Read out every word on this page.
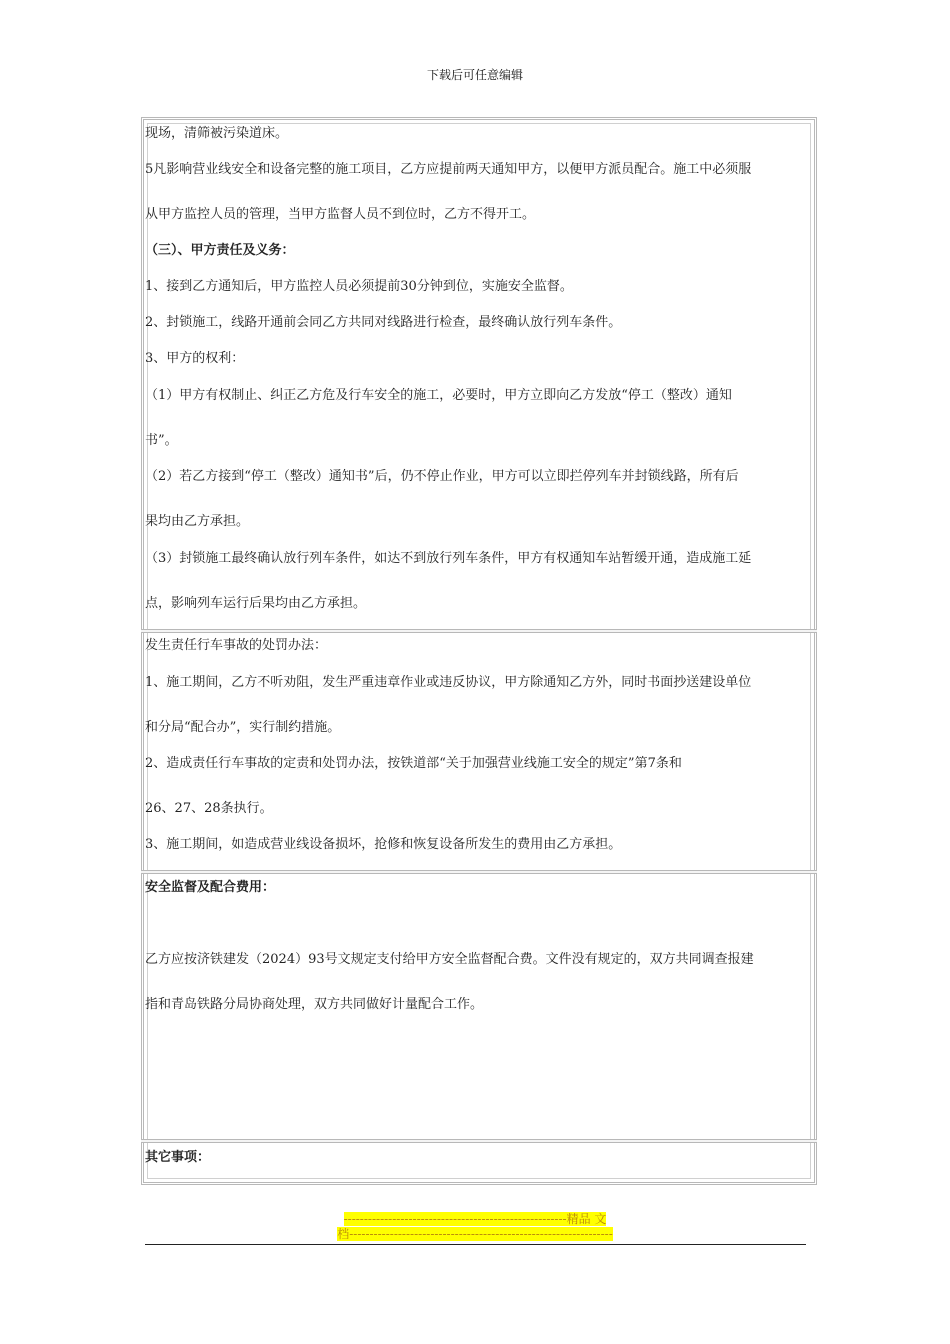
下载后可任意编辑
现场，清筛被污染道床。
5凡影响营业线安全和设备完整的施工项目，乙方应提前两天通知甲方，以便甲方派员配合。施工中必须服
从甲方监控人员的管理，当甲方监督人员不到位时，乙方不得开工。
（三）、甲方责任及义务：
1、接到乙方通知后，甲方监控人员必须提前30分钟到位，实施安全监督。
2、封锁施工，线路开通前会同乙方共同对线路进行检查，最终确认放行列车条件。
3、甲方的权利：
（1）甲方有权制止、纠正乙方危及行车安全的施工，必要时，甲方立即向乙方发放“停工（整改）通知
书”。
（2）若乙方接到“停工（整改）通知书”后，仍不停止作业，甲方可以立即拦停列车并封锁线路，所有后
果均由乙方承担。
（3）封锁施工最终确认放行列车条件，如达不到放行列车条件，甲方有权通知车站暂缓开通，造成施工延
点，影响列车运行后果均由乙方承担。
发生责任行车事故的处罚办法：
1、施工期间，乙方不听劝阻，发生严重违章作业或违反协议，甲方除通知乙方外，同时书面抄送建设单位
和分局“配合办”，实行制约措施。
2、造成责任行车事故的定责和处罚办法，按铁道部“关于加强营业线施工安全的规定”第7条和
26、27、28条执行。
3、施工期间，如造成营业线设备损坏，抢修和恢复设备所发生的费用由乙方承担。
安全监督及配合费用：
乙方应按济铁建发（2024）93号文规定支付给甲方安全监督配合费。文件没有规定的，双方共同调查报建
指和青岛铁路分局协商处理，双方共同做好计量配合工作。
其它事项：
-------------------------------------------------------精品 文
档-----------------------------------------------------------------
